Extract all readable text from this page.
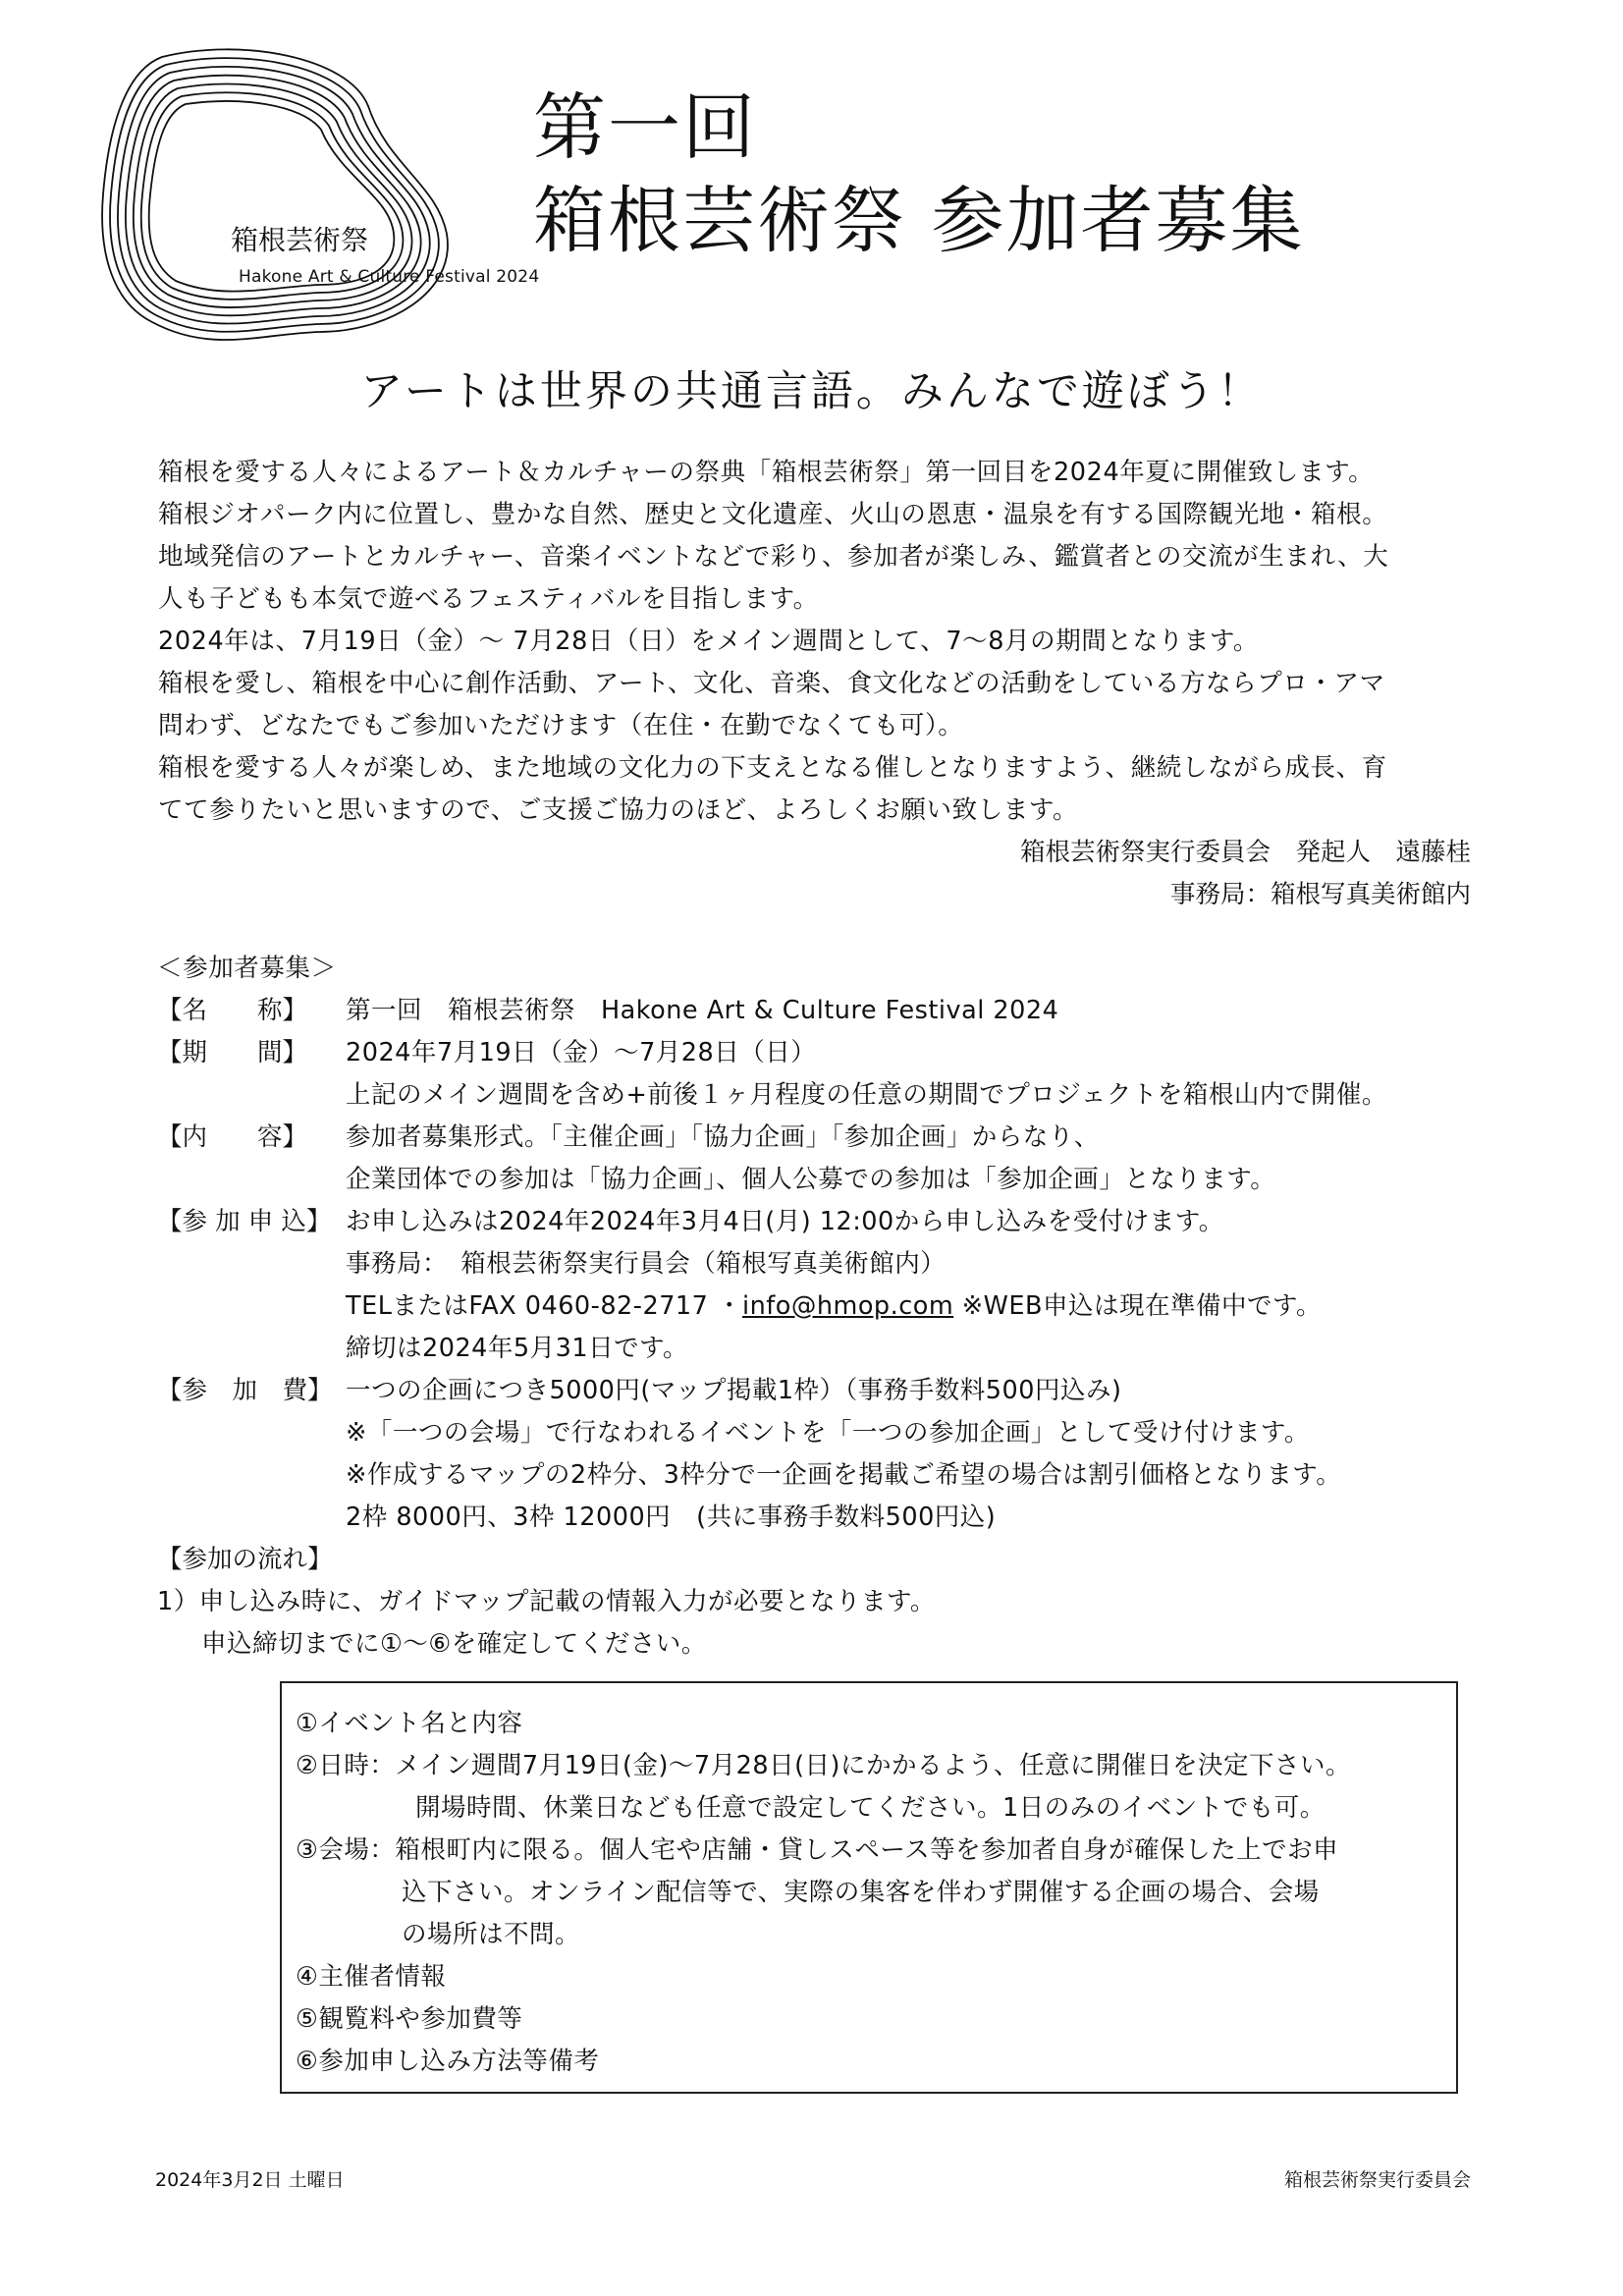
箱根芸術祭
Hakone Art & Culture Festival 2024
第一回
箱根芸術祭 参加者募集
アートは世界の共通言語。みんなで遊ぼう！
箱根を愛する人々によるアート＆カルチャーの祭典「箱根芸術祭」第一回目を2024年夏に開催致します。
箱根ジオパーク内に位置し、豊かな自然、歴史と文化遺産、火山の恩恵・温泉を有する国際観光地・箱根。
地域発信のアートとカルチャー、音楽イベントなどで彩り、参加者が楽しみ、鑑賞者との交流が生まれ、大
人も子どもも本気で遊べるフェスティバルを目指します。
2024年は、7月19日（金）～ 7月28日（日）をメイン週間として、7～8月の期間となります。
箱根を愛し、箱根を中心に創作活動、アート、文化、音楽、食文化などの活動をしている方ならプロ・アマ
問わず、どなたでもご参加いただけます（在住・在勤でなくても可）。
箱根を愛する人々が楽しめ、また地域の文化力の下支えとなる催しとなりますよう、継続しながら成長、育
てて参りたいと思いますので、ご支援ご協力のほど、よろしくお願い致します。
箱根芸術祭実行委員会　発起人　遠藤桂
事務局：箱根写真美術館内
＜参加者募集＞
【名　　称】 第一回　箱根芸術祭　Hakone Art & Culture Festival 2024
【期　　間】 2024年7月19日（金）～7月28日（日）
上記のメイン週間を含め+前後１ヶ月程度の任意の期間でプロジェクトを箱根山内で開催。
【内　　容】 参加者募集形式。「主催企画」「協力企画」「参加企画」からなり、
企業団体での参加は「協力企画」、個人公募での参加は「参加企画」となります。
【参 加 申 込】 お申し込みは2024年2024年3月4日(月) 12:00から申し込みを受付けます。
事務局：　箱根芸術祭実行員会（箱根写真美術館内）
TELまたはFAX 0460-82-2717 ・info@hmop.com ※WEB申込は現在準備中です。
締切は2024年5月31日です。
【参　加　費】 一つの企画につき5000円(マップ掲載1枠）（事務手数料500円込み)
※「一つの会場」で行なわれるイベントを「一つの参加企画」として受け付けます。
※作成するマップの2枠分、3枠分で一企画を掲載ご希望の場合は割引価格となります。
2枠 8000円、3枠 12000円　(共に事務手数料500円込)
【参加の流れ】
1）申し込み時に、ガイドマップ記載の情報入力が必要となります。
申込締切までに①～⑥を確定してください。
①イベント名と内容
②日時：メイン週間7月19日(金)～7月28日(日)にかかるよう、任意に開催日を決定下さい。
開場時間、休業日なども任意で設定してください。1日のみのイベントでも可。
③会場：箱根町内に限る。個人宅や店舗・貸しスペース等を参加者自身が確保した上でお申
込下さい。オンライン配信等で、実際の集客を伴わず開催する企画の場合、会場
の場所は不問。
④主催者情報
⑤観覧料や参加費等
⑥参加申し込み方法等備考
2024年3月2日 土曜日	箱根芸術祭実行委員会
